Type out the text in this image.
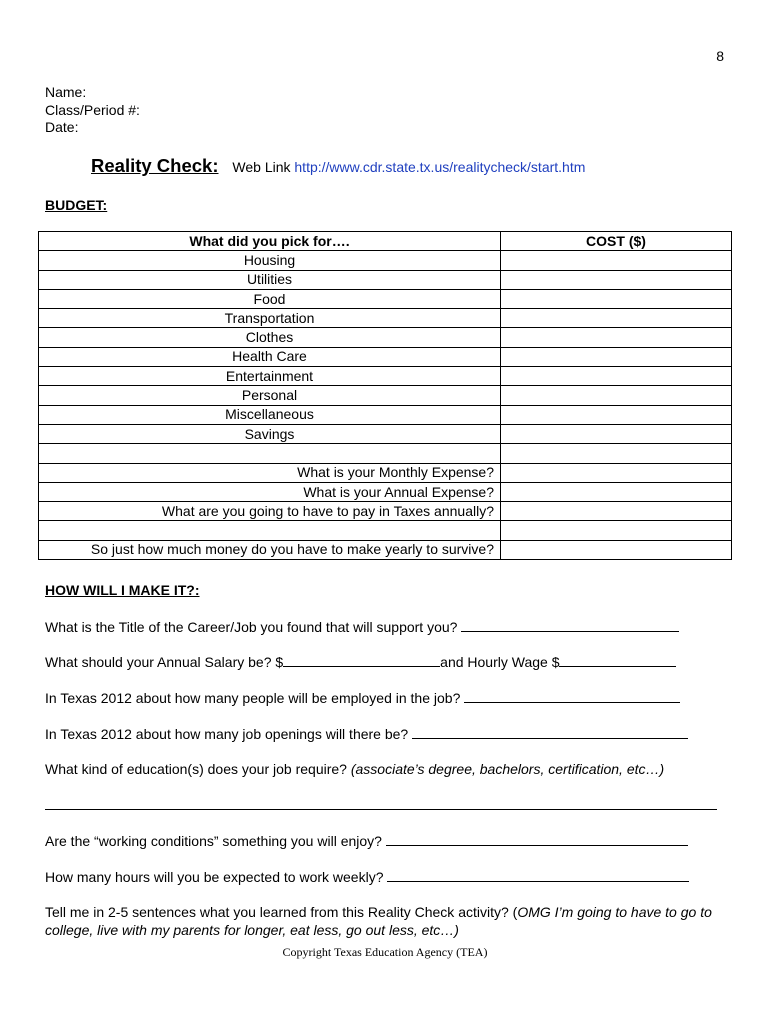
8
Name:
Class/Period #:
Date:
Reality Check: Web Link http://www.cdr.state.tx.us/realitycheck/start.htm
BUDGET:
What did you pick for….	COST ($)
Housing	
Utilities	
Food	
Transportation	
Clothes	
Health Care	
Entertainment	
Personal	
Miscellaneous	
Savings	

What is your Monthly Expense?	
What is your Annual Expense?	
What are you going to have to pay in Taxes annually?	

So just how much money do you have to make yearly to survive?	
HOW WILL I MAKE IT?:
What is the Title of the Career/Job you found that will support you?
What should your Annual Salary be? $	and Hourly Wage $
In Texas 2012 about how many people will be employed in the job?
In Texas 2012 about how many job openings will there be?
What kind of education(s) does your job require? (associate’s degree, bachelors, certification, etc…)
Are the “working conditions” something you will enjoy?
How many hours will you be expected to work weekly?
Tell me in 2-5 sentences what you learned from this Reality Check activity? (OMG I’m going to have to go to college, live with my parents for longer, eat less, go out less, etc…)
Copyright Texas Education Agency (TEA)
